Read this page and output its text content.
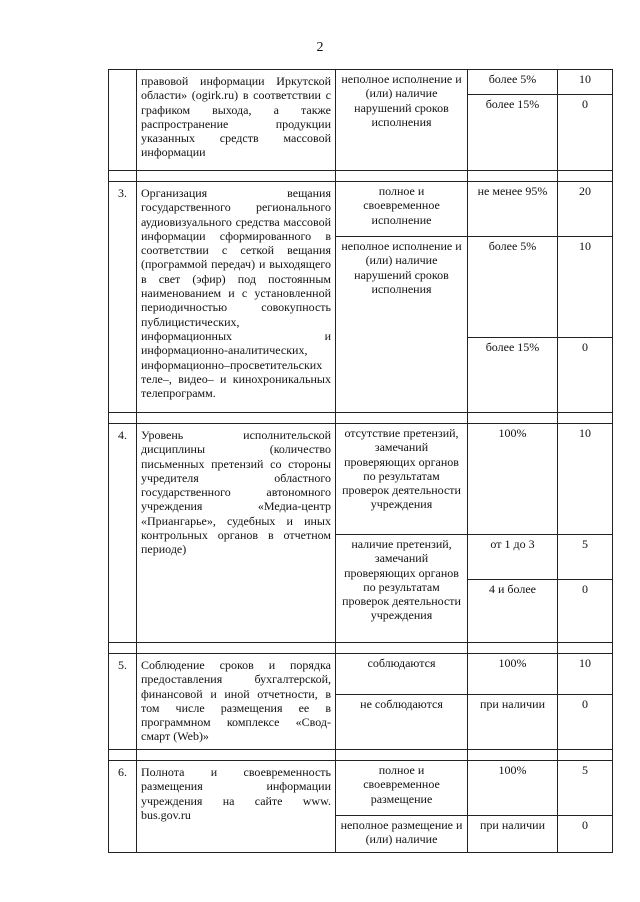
2
	правовой информации Иркутской области» (ogirk.ru) в соответствии с графиком выхода, а также распространение продукции указанных средств массовой информации	неполное исполнение и (или) наличие нарушений сроков исполнения	более 5%	10
			более 15%	0

3.	Организация вещания государственного регионального аудиовизуального средства массовой информации сформированного в соответствии с сеткой вещания (программой передач) и выходящего в свет (эфир) под постоянным наименованием и с установленной периодичностью совокупность публицистических, информационных и информационно-аналитических, информационно–просветительских теле–, видео– и кинохроникальных телепрограмм.	полное и своевременное исполнение	не менее 95%	20
		неполное исполнение и (или) наличие нарушений сроков исполнения	более 5%	10
			более 15%	0

4.	Уровень исполнительской дисциплины (количество письменных претензий со стороны учредителя областного государственного автономного учреждения «Медиа-центр «Приангарье», судебных и иных контрольных органов в отчетном периоде)	отсутствие претензий, замечаний проверяющих органов по результатам проверок деятельности учреждения	100%	10
		наличие претензий, замечаний проверяющих органов по результатам проверок деятельности учреждения	от 1 до 3	5
			4 и более	0

5.	Соблюдение сроков и порядка предоставления бухгалтерской, финансовой и иной отчетности, в том числе размещения ее в программном комплексе «Свод-смарт (Web)»	соблюдаются	100%	10
		не соблюдаются	при наличии	0

6.	Полнота и своевременность размещения информации учреждения на сайте www. bus.gov.ru	полное и своевременное размещение	100%	5
		неполное размещение и (или) наличие	при наличии	0
